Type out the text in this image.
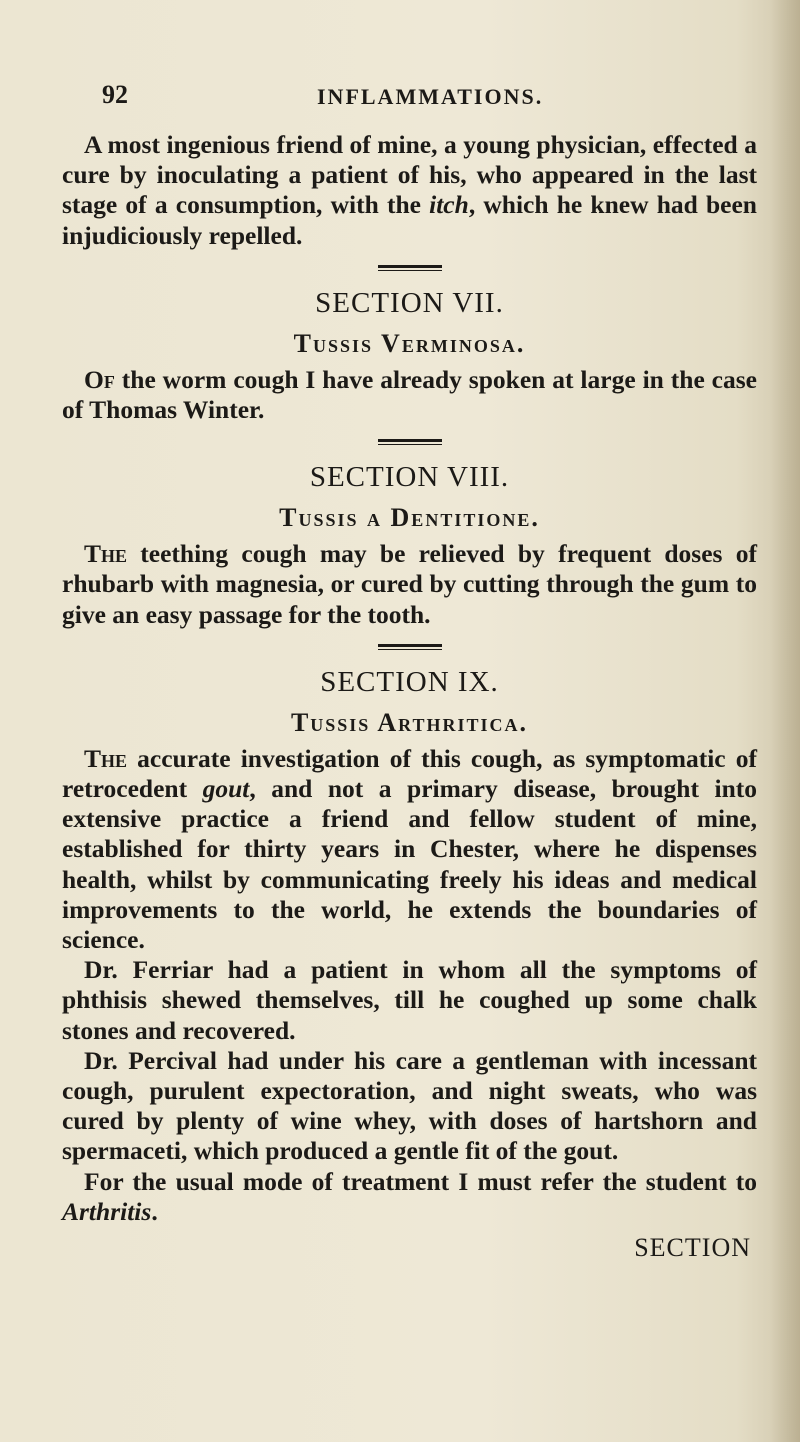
92	INFLAMMATIONS.

A most ingenious friend of mine, a young physician, effected a cure by inoculating a patient of his, who appeared in the last stage of a consumption, with the itch, which he knew had been injudiciously repelled.

SECTION VII.
Tussis Verminosa.

Of the worm cough I have already spoken at large in the case of Thomas Winter.

SECTION VIII.
Tussis a Dentitione.

The teething cough may be relieved by frequent doses of rhubarb with magnesia, or cured by cutting through the gum to give an easy passage for the tooth.

SECTION IX.
Tussis Arthritica.

The accurate investigation of this cough, as symptomatic of retrocedent gout, and not a primary disease, brought into extensive practice a friend and fellow student of mine, established for thirty years in Chester, where he dispenses health, whilst by communicating freely his ideas and medical improvements to the world, he extends the boundaries of science.

Dr. Ferriar had a patient in whom all the symptoms of phthisis shewed themselves, till he coughed up some chalk stones and recovered.

Dr. Percival had under his care a gentleman with incessant cough, purulent expectoration, and night sweats, who was cured by plenty of wine whey, with doses of hartshorn and spermaceti, which produced a gentle fit of the gout.

For the usual mode of treatment I must refer the student to Arthritis.

SECTION
